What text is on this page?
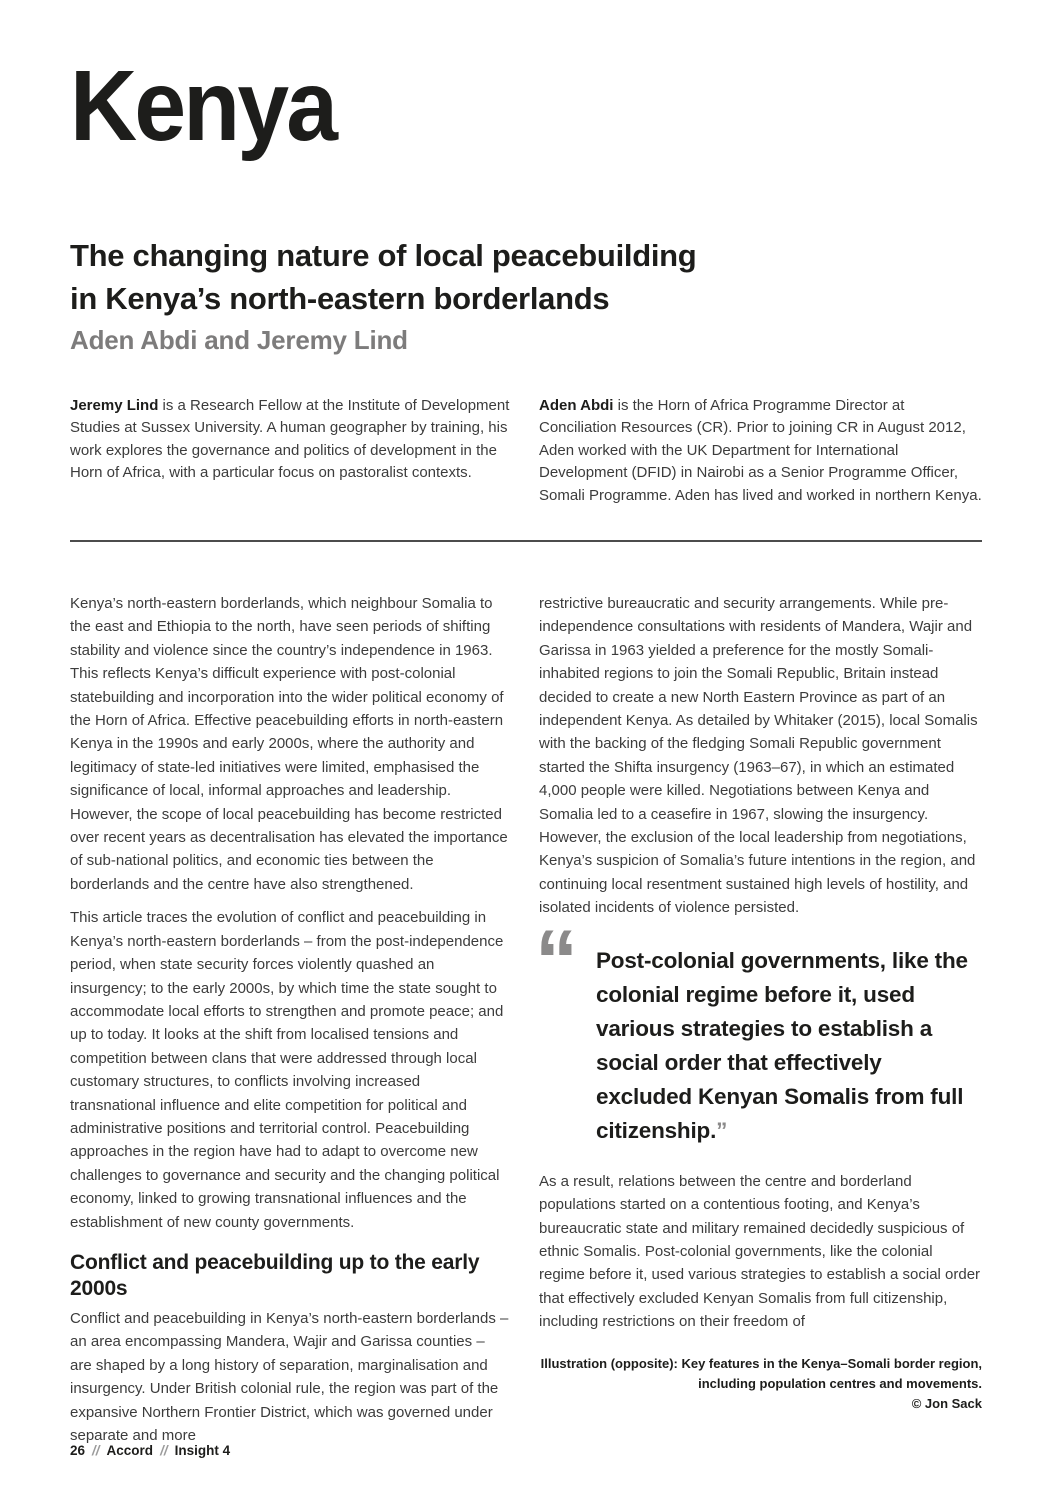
Kenya
The changing nature of local peacebuilding
in Kenya’s north-eastern borderlands
Aden Abdi and Jeremy Lind

Jeremy Lind is a Research Fellow at the Institute of Development Studies at Sussex University. A human geographer by training, his work explores the governance and politics of development in the Horn of Africa, with a particular focus on pastoralist contexts.

Aden Abdi is the Horn of Africa Programme Director at Conciliation Resources (CR). Prior to joining CR in August 2012, Aden worked with the UK Department for International Development (DFID) in Nairobi as a Senior Programme Officer, Somali Programme. Aden has lived and worked in northern Kenya.

Kenya’s north-eastern borderlands, which neighbour Somalia to the east and Ethiopia to the north, have seen periods of shifting stability and violence since the country’s independence in 1963. This reflects Kenya’s difficult experience with post-colonial statebuilding and incorporation into the wider political economy of the Horn of Africa. Effective peacebuilding efforts in north-eastern Kenya in the 1990s and early 2000s, where the authority and legitimacy of state-led initiatives were limited, emphasised the significance of local, informal approaches and leadership. However, the scope of local peacebuilding has become restricted over recent years as decentralisation has elevated the importance of sub-national politics, and economic ties between the borderlands and the centre have also strengthened.

This article traces the evolution of conflict and peacebuilding in Kenya’s north-eastern borderlands – from the post-independence period, when state security forces violently quashed an insurgency; to the early 2000s, by which time the state sought to accommodate local efforts to strengthen and promote peace; and up to today. It looks at the shift from localised tensions and competition between clans that were addressed through local customary structures, to conflicts involving increased transnational influence and elite competition for political and administrative positions and territorial control. Peacebuilding approaches in the region have had to adapt to overcome new challenges to governance and security and the changing political economy, linked to growing transnational influences and the establishment of new county governments.

Conflict and peacebuilding up to the early 2000s

Conflict and peacebuilding in Kenya’s north-eastern borderlands – an area encompassing Mandera, Wajir and Garissa counties – are shaped by a long history of separation, marginalisation and insurgency. Under British colonial rule, the region was part of the expansive Northern Frontier District, which was governed under separate and more

restrictive bureaucratic and security arrangements. While pre-independence consultations with residents of Mandera, Wajir and Garissa in 1963 yielded a preference for the mostly Somali-inhabited regions to join the Somali Republic, Britain instead decided to create a new North Eastern Province as part of an independent Kenya. As detailed by Whitaker (2015), local Somalis with the backing of the fledging Somali Republic government started the Shifta insurgency (1963–67), in which an estimated 4,000 people were killed. Negotiations between Kenya and Somalia led to a ceasefire in 1967, slowing the insurgency. However, the exclusion of the local leadership from negotiations, Kenya’s suspicion of Somalia’s future intentions in the region, and continuing local resentment sustained high levels of hostility, and isolated incidents of violence persisted.

“ Post-colonial governments, like the colonial regime before it, used various strategies to establish a social order that effectively excluded Kenyan Somalis from full citizenship.”

As a result, relations between the centre and borderland populations started on a contentious footing, and Kenya’s bureaucratic state and military remained decidedly suspicious of ethnic Somalis. Post-colonial governments, like the colonial regime before it, used various strategies to establish a social order that effectively excluded Kenyan Somalis from full citizenship, including restrictions on their freedom of

Illustration (opposite): Key features in the Kenya–Somali border region, including population centres and movements.
© Jon Sack
26 // Accord // Insight 4
